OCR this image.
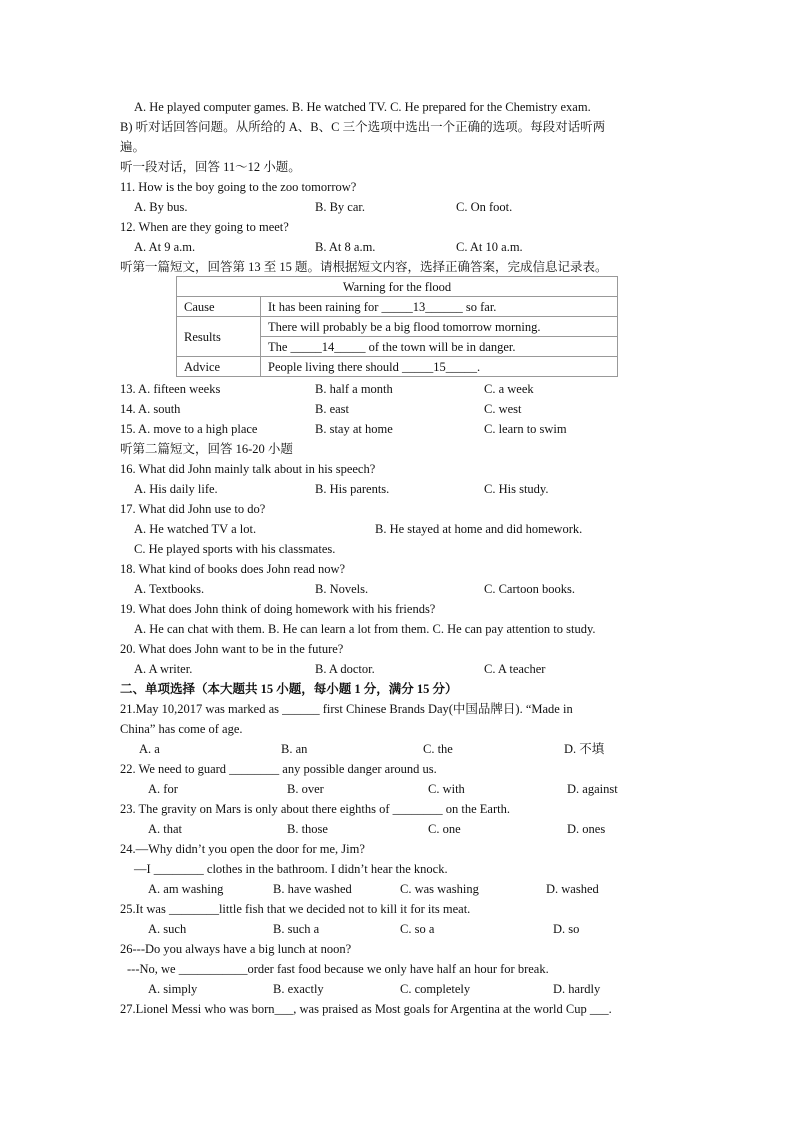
A. He played computer games. B. He watched TV. C. He prepared for the Chemistry exam.
B) 听对话回答问题。从所给的 A、B、C 三个选项中选出一个正确的选项。每段对话听两
遍。
听一段对话，回答 11～12 小题。
11. How is the boy going to the zoo tomorrow?
A. By bus.	B. By car.	C. On foot.
12. When are they going to meet?
A. At 9 a.m.	B. At 8 a.m.	C. At 10 a.m.
听第一篇短文，回答第 13 至 15 题。请根据短文内容，选择正确答案，完成信息记录表。
Warning for the flood	
Cause	It has been raining for _____13______ so far.
Results	There will probably be a big flood tomorrow morning.
	The _____14_____ of the town will be in danger.
Advice	People living there should _____15_____.
13. A. fifteen weeks	B. half a month	C. a week
14. A. south	B. east	C. west
15. A. move to a high place	B. stay at home	C. learn to swim
听第二篇短文，回答 16-20 小题
16. What did John mainly talk about in his speech?
A. His daily life.	B. His parents.	C. His study.
17. What did John use to do?
A. He watched TV a lot.	B. He stayed at home and did homework.
C. He played sports with his classmates.
18. What kind of books does John read now?
A. Textbooks.	B. Novels.	C. Cartoon books.
19. What does John think of doing homework with his friends?
A. He can chat with them. B. He can learn a lot from them. C. He can pay attention to study.
20. What does John want to be in the future?
A. A writer.	B. A doctor.	C. A teacher
二、单项选择（本大题共 15 小题，每小题 1 分，满分 15 分）
21.May 10,2017 was marked as ______ first Chinese Brands Day(中国品牌日). “Made in
China” has come of age.
A. a	B. an	C. the	D. 不填
22. We need to guard ________ any possible danger around us.
A. for	B. over	C. with	D. against
23. The gravity on Mars is only about there eighths of ________ on the Earth.
A. that	B. those	C. one	D. ones
24.—Why didn’t you open the door for me, Jim?
—I ________ clothes in the bathroom. I didn’t hear the knock.
A. am washing	B. have washed	C. was washing	D. washed
25.It was ________little fish that we decided not to kill it for its meat.
A. such	B. such a	C. so a	D. so
26---Do you always have a big lunch at noon?
---No, we ___________order fast food because we only have half an hour for break.
A. simply	B. exactly	C. completely	D. hardly
27.Lionel Messi who was born___, was praised as Most goals for Argentina at the world Cup ___.
